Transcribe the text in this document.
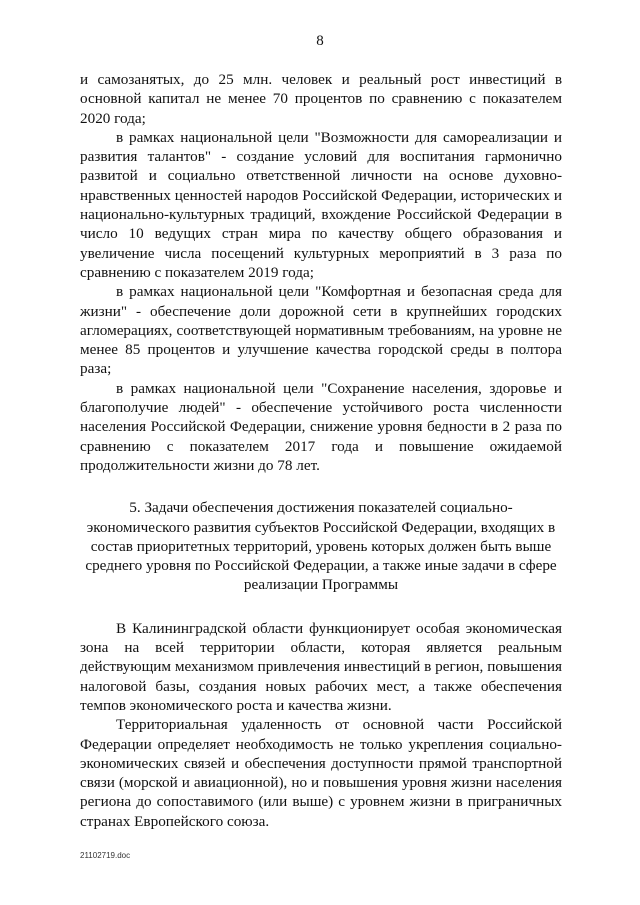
8

и самозанятых, до 25 млн. человек и реальный рост инвестиций в основной капитал не менее 70 процентов по сравнению с показателем 2020 года;

в рамках национальной цели "Возможности для самореализации и развития талантов" - создание условий для воспитания гармонично развитой и социально ответственной личности на основе духовно-нравственных ценностей народов Российской Федерации, исторических и национально-культурных традиций, вхождение Российской Федерации в число 10 ведущих стран мира по качеству общего образования и увеличение числа посещений культурных мероприятий в 3 раза по сравнению с показателем 2019 года;

в рамках национальной цели "Комфортная и безопасная среда для жизни" - обеспечение доли дорожной сети в крупнейших городских агломерациях, соответствующей нормативным требованиям, на уровне не менее 85 процентов и улучшение качества городской среды в полтора раза;

в рамках национальной цели "Сохранение населения, здоровье и благополучие людей" - обеспечение устойчивого роста численности населения Российской Федерации, снижение уровня бедности в 2 раза по сравнению с показателем 2017 года и повышение ожидаемой продолжительности жизни до 78 лет.

5. Задачи обеспечения достижения показателей социально-экономического развития субъектов Российской Федерации, входящих в состав приоритетных территорий, уровень которых должен быть выше среднего уровня по Российской Федерации, а также иные задачи в сфере реализации Программы

В Калининградской области функционирует особая экономическая зона на всей территории области, которая является реальным действующим механизмом привлечения инвестиций в регион, повышения налоговой базы, создания новых рабочих мест, а также обеспечения темпов экономического роста и качества жизни.

Территориальная удаленность от основной части Российской Федерации определяет необходимость не только укрепления социально-экономических связей и обеспечения доступности прямой транспортной связи (морской и авиационной), но и повышения уровня жизни населения региона до сопоставимого (или выше) с уровнем жизни в приграничных странах Европейского союза.

21102719.doc
